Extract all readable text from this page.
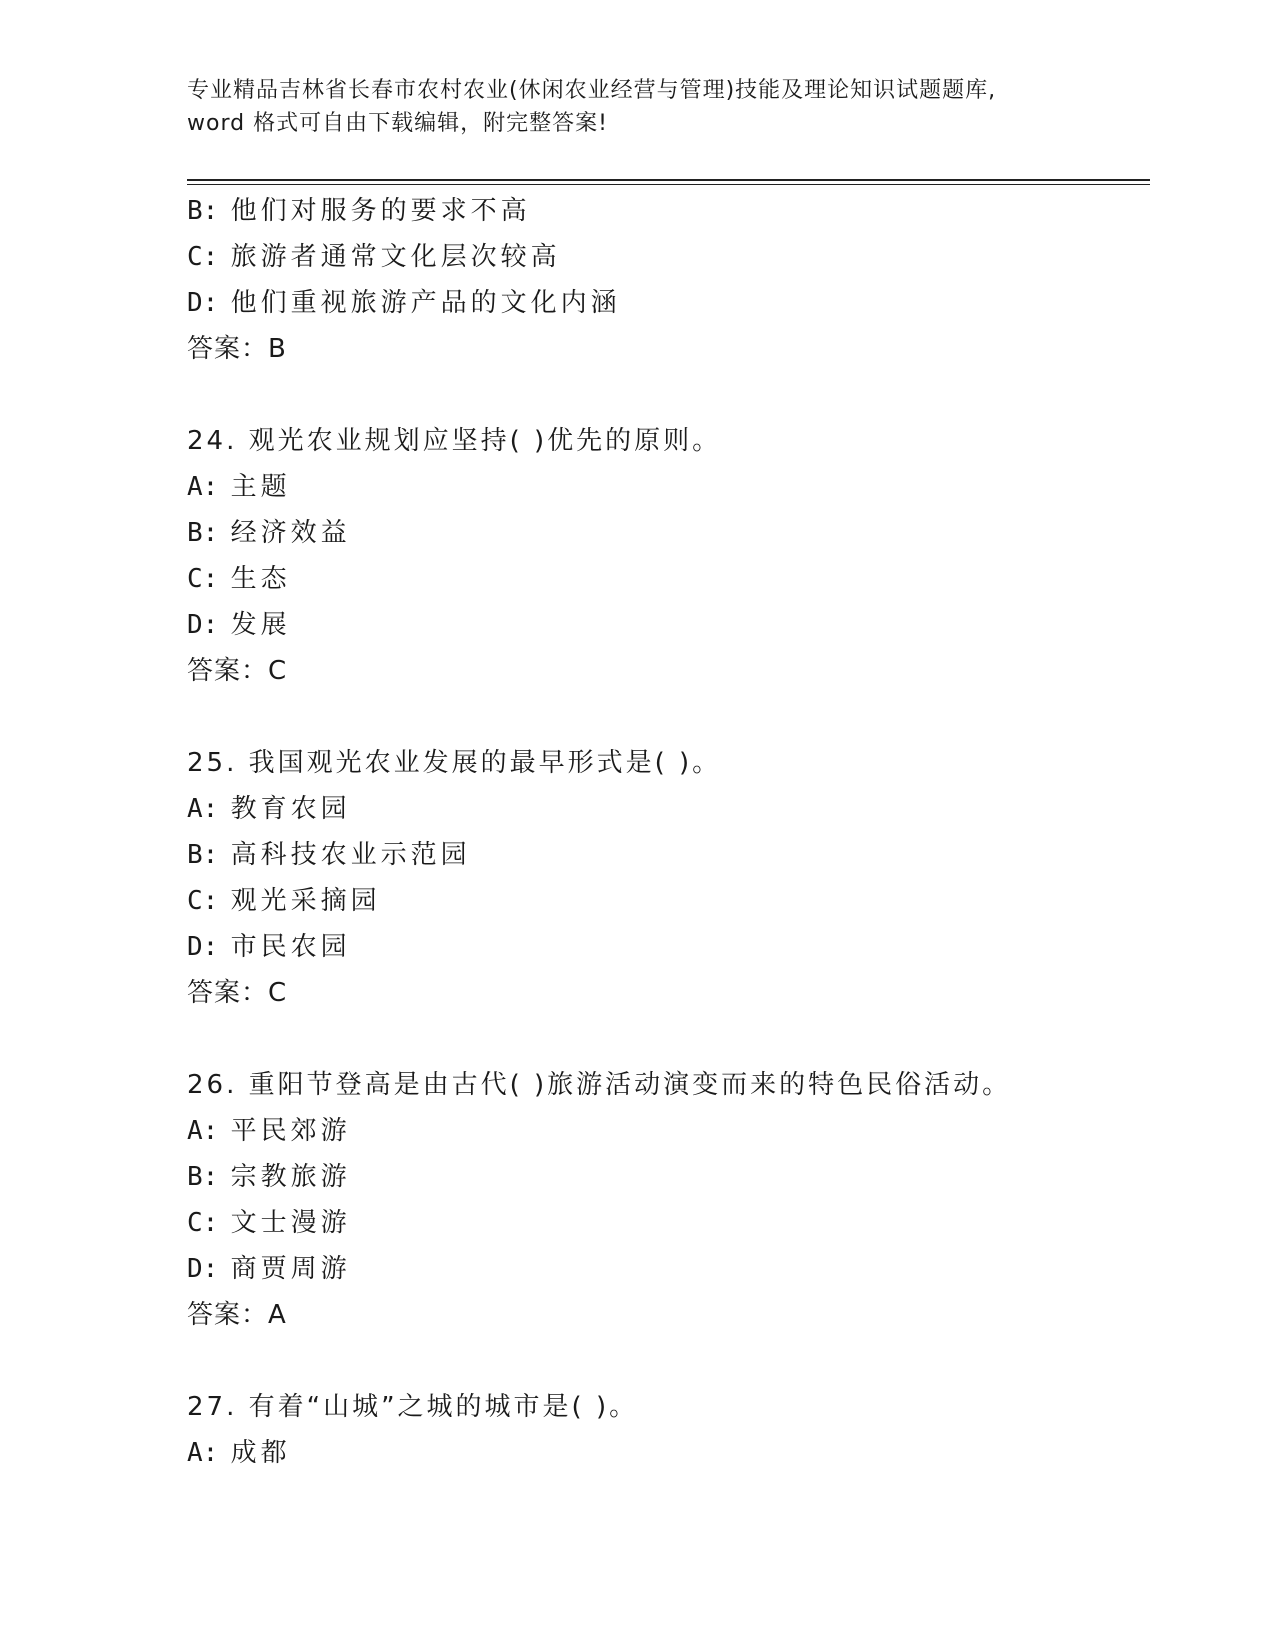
专业精品吉林省长春市农村农业(休闲农业经营与管理)技能及理论知识试题题库,
word 格式可自由下载编辑，附完整答案!
B: 他们对服务的要求不高
C: 旅游者通常文化层次较高
D: 他们重视旅游产品的文化内涵
答案：B
24. 观光农业规划应坚持( )优先的原则。
A: 主题
B: 经济效益
C: 生态
D: 发展
答案：C
25. 我国观光农业发展的最早形式是( )。
A: 教育农园
B: 高科技农业示范园
C: 观光采摘园
D: 市民农园
答案：C
26. 重阳节登高是由古代( )旅游活动演变而来的特色民俗活动。
A: 平民郊游
B: 宗教旅游
C: 文士漫游
D: 商贾周游
答案：A
27. 有着“山城”之城的城市是( )。
A: 成都
